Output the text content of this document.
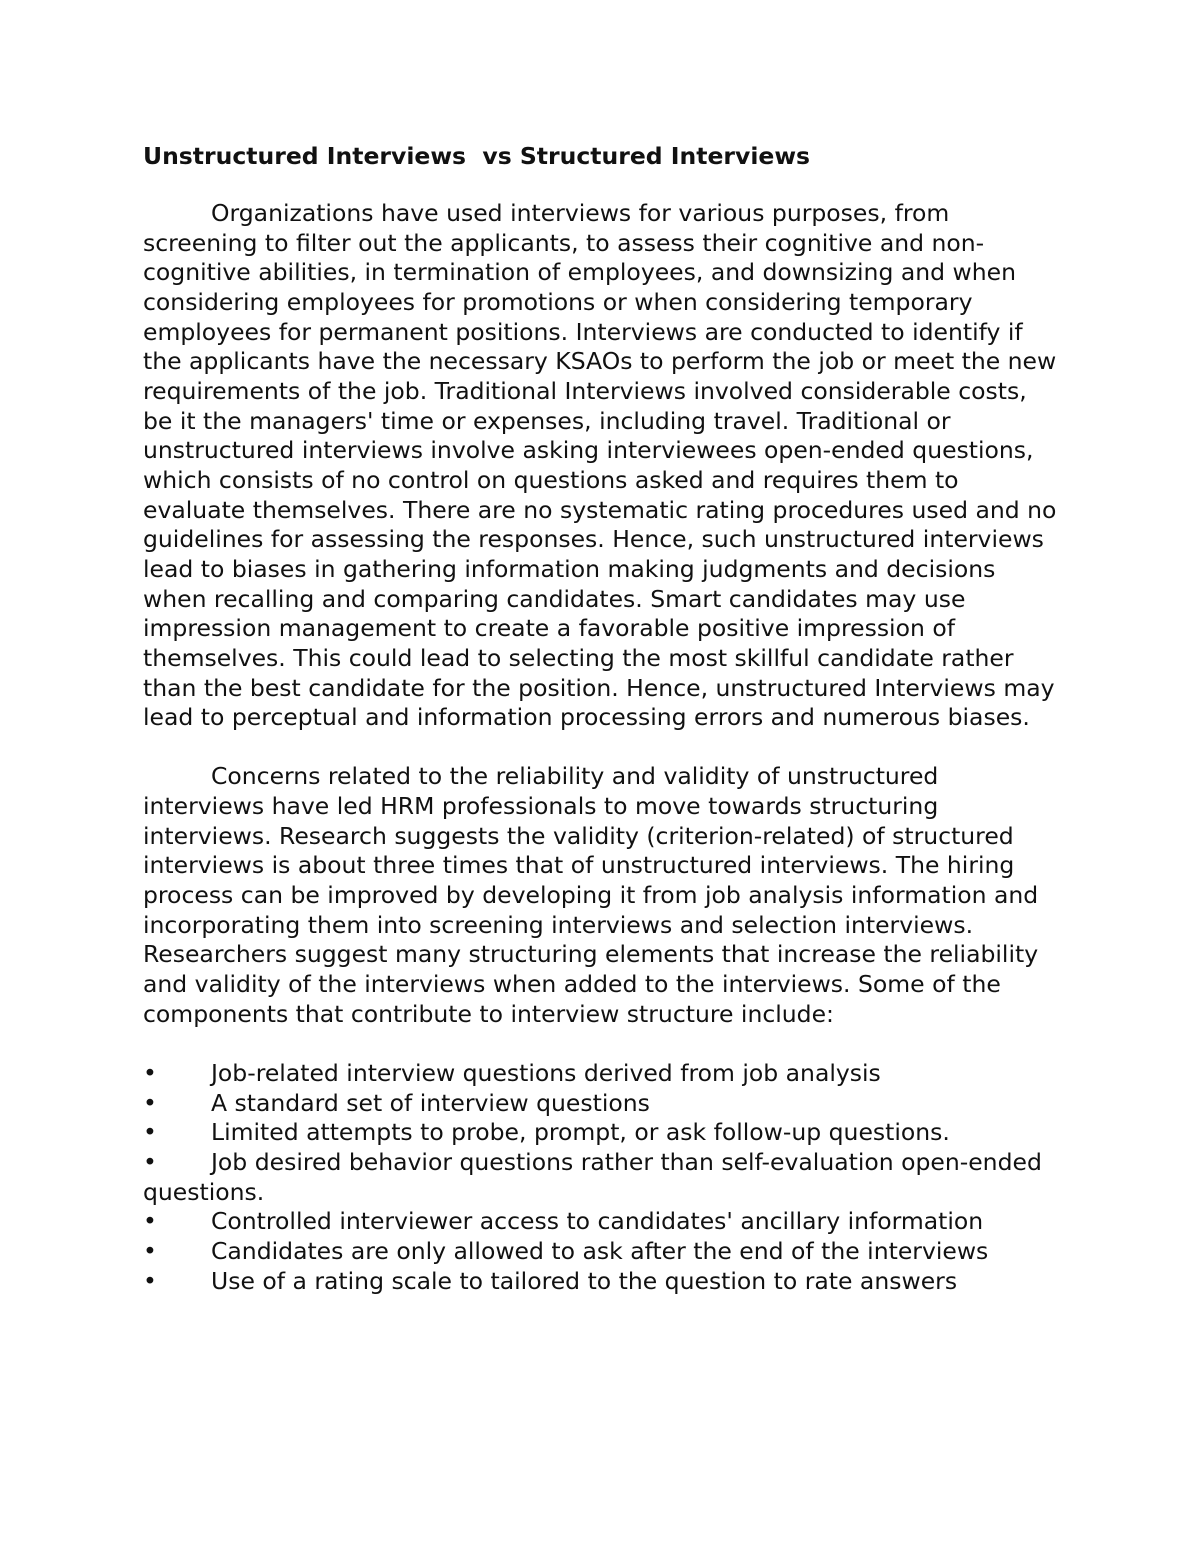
Unstructured Interviews  vs Structured Interviews

Organizations have used interviews for various purposes, from screening to filter out the applicants, to assess their cognitive and non-cognitive abilities, in termination of employees, and downsizing and when considering employees for promotions or when considering temporary employees for permanent positions. Interviews are conducted to identify if the applicants have the necessary KSAOs to perform the job or meet the new requirements of the job. Traditional Interviews involved considerable costs, be it the managers' time or expenses, including travel. Traditional or unstructured interviews involve asking interviewees open-ended questions, which consists of no control on questions asked and requires them to evaluate themselves. There are no systematic rating procedures used and no guidelines for assessing the responses. Hence, such unstructured interviews lead to biases in gathering information making judgments and decisions when recalling and comparing candidates. Smart candidates may use impression management to create a favorable positive impression of themselves. This could lead to selecting the most skillful candidate rather than the best candidate for the position. Hence, unstructured Interviews may lead to perceptual and information processing errors and numerous biases.

Concerns related to the reliability and validity of unstructured interviews have led HRM professionals to move towards structuring interviews. Research suggests the validity (criterion-related) of structured interviews is about three times that of unstructured interviews. The hiring process can be improved by developing it from job analysis information and incorporating them into screening interviews and selection interviews. Researchers suggest many structuring elements that increase the reliability and validity of the interviews when added to the interviews. Some of the components that contribute to interview structure include:

• Job-related interview questions derived from job analysis
• A standard set of interview questions
• Limited attempts to probe, prompt, or ask follow-up questions.
• Job desired behavior questions rather than self-evaluation open-ended questions.
• Controlled interviewer access to candidates' ancillary information
• Candidates are only allowed to ask after the end of the interviews
• Use of a rating scale to tailored to the question to rate answers
